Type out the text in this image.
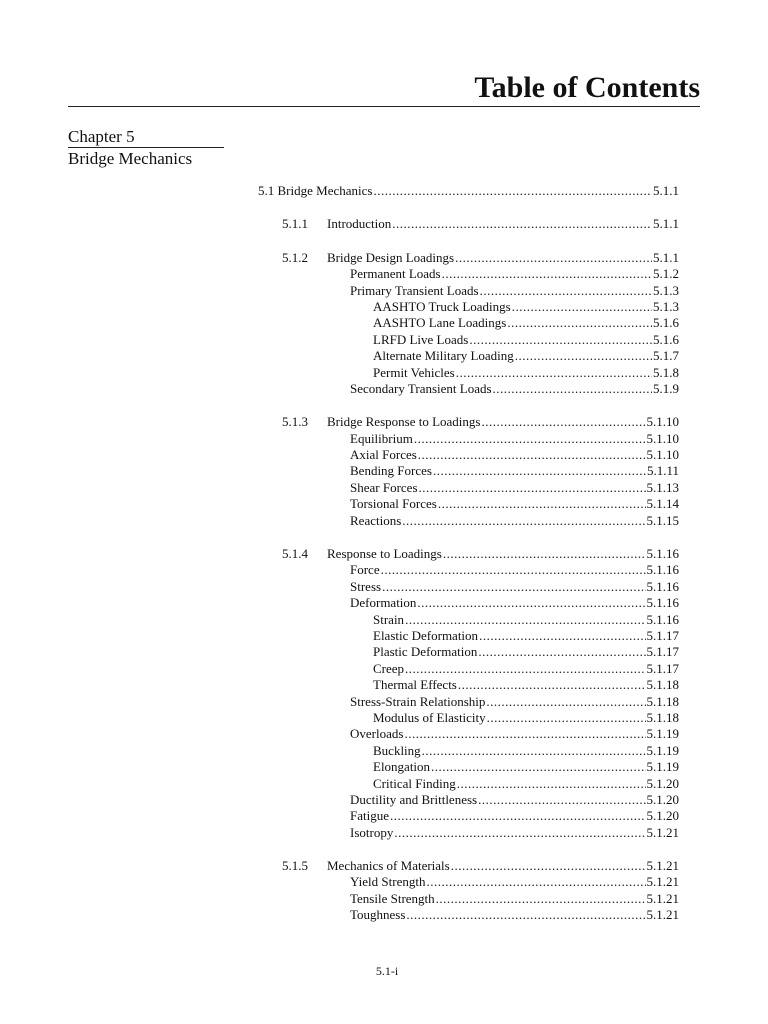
Table of Contents
Chapter 5
Bridge Mechanics
5.1 Bridge Mechanics .....	5.1.1
5.1.1 Introduction .....	5.1.1
5.1.2 Bridge Design Loadings .....	5.1.1
Permanent Loads .....	5.1.2
Primary Transient Loads .....	5.1.3
AASHTO Truck Loadings .....	5.1.3
AASHTO Lane Loadings .....	5.1.6
LRFD Live Loads .....	5.1.6
Alternate Military Loading .....	5.1.7
Permit Vehicles .....	5.1.8
Secondary Transient Loads .....	5.1.9
5.1.3 Bridge Response to Loadings .....	5.1.10
Equilibrium .....	5.1.10
Axial Forces .....	5.1.10
Bending Forces .....	5.1.11
Shear Forces .....	5.1.13
Torsional Forces .....	5.1.14
Reactions .....	5.1.15
5.1.4 Response to Loadings .....	5.1.16
Force .....	5.1.16
Stress .....	5.1.16
Deformation .....	5.1.16
Strain .....	5.1.16
Elastic Deformation .....	5.1.17
Plastic Deformation .....	5.1.17
Creep .....	5.1.17
Thermal Effects .....	5.1.18
Stress-Strain Relationship .....	5.1.18
Modulus of Elasticity .....	5.1.18
Overloads .....	5.1.19
Buckling .....	5.1.19
Elongation .....	5.1.19
Critical Finding .....	5.1.20
Ductility and Brittleness .....	5.1.20
Fatigue .....	5.1.20
Isotropy .....	5.1.21
5.1.5 Mechanics of Materials .....	5.1.21
Yield Strength .....	5.1.21
Tensile Strength .....	5.1.21
Toughness .....	5.1.21
5.1-i
